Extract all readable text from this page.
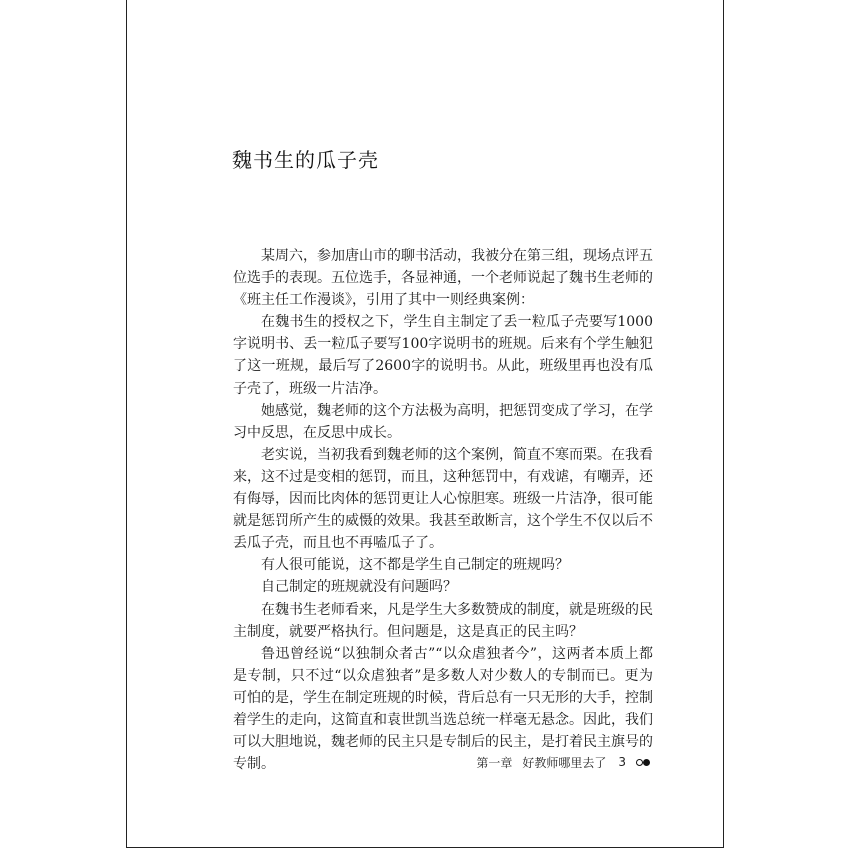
魏书生的瓜子壳

某周六，参加唐山市的聊书活动，我被分在第三组，现场点评五位选手的表现。五位选手，各显神通，一个老师说起了魏书生老师的《班主任工作漫谈》，引用了其中一则经典案例：

在魏书生的授权之下，学生自主制定了丢一粒瓜子壳要写1000字说明书、丢一粒瓜子要写100字说明书的班规。后来有个学生触犯了这一班规，最后写了2600字的说明书。从此，班级里再也没有瓜子壳了，班级一片洁净。

她感觉，魏老师的这个方法极为高明，把惩罚变成了学习，在学习中反思，在反思中成长。

老实说，当初我看到魏老师的这个案例，简直不寒而栗。在我看来，这不过是变相的惩罚，而且，这种惩罚中，有戏谑，有嘲弄，还有侮辱，因而比肉体的惩罚更让人心惊胆寒。班级一片洁净，很可能就是惩罚所产生的威慑的效果。我甚至敢断言，这个学生不仅以后不丢瓜子壳，而且也不再嗑瓜子了。

有人很可能说，这不都是学生自己制定的班规吗？

自己制定的班规就没有问题吗？

在魏书生老师看来，凡是学生大多数赞成的制度，就是班级的民主制度，就要严格执行。但问题是，这是真正的民主吗？

鲁迅曾经说“以独制众者古”“以众虐独者今”，这两者本质上都是专制，只不过“以众虐独者”是多数人对少数人的专制而已。更为可怕的是，学生在制定班规的时候，背后总有一只无形的大手，控制着学生的走向，这简直和袁世凯当选总统一样毫无悬念。因此，我们可以大胆地说，魏老师的民主只是专制后的民主，是打着民主旗号的专制。	第一章 好教师哪里去了 3
